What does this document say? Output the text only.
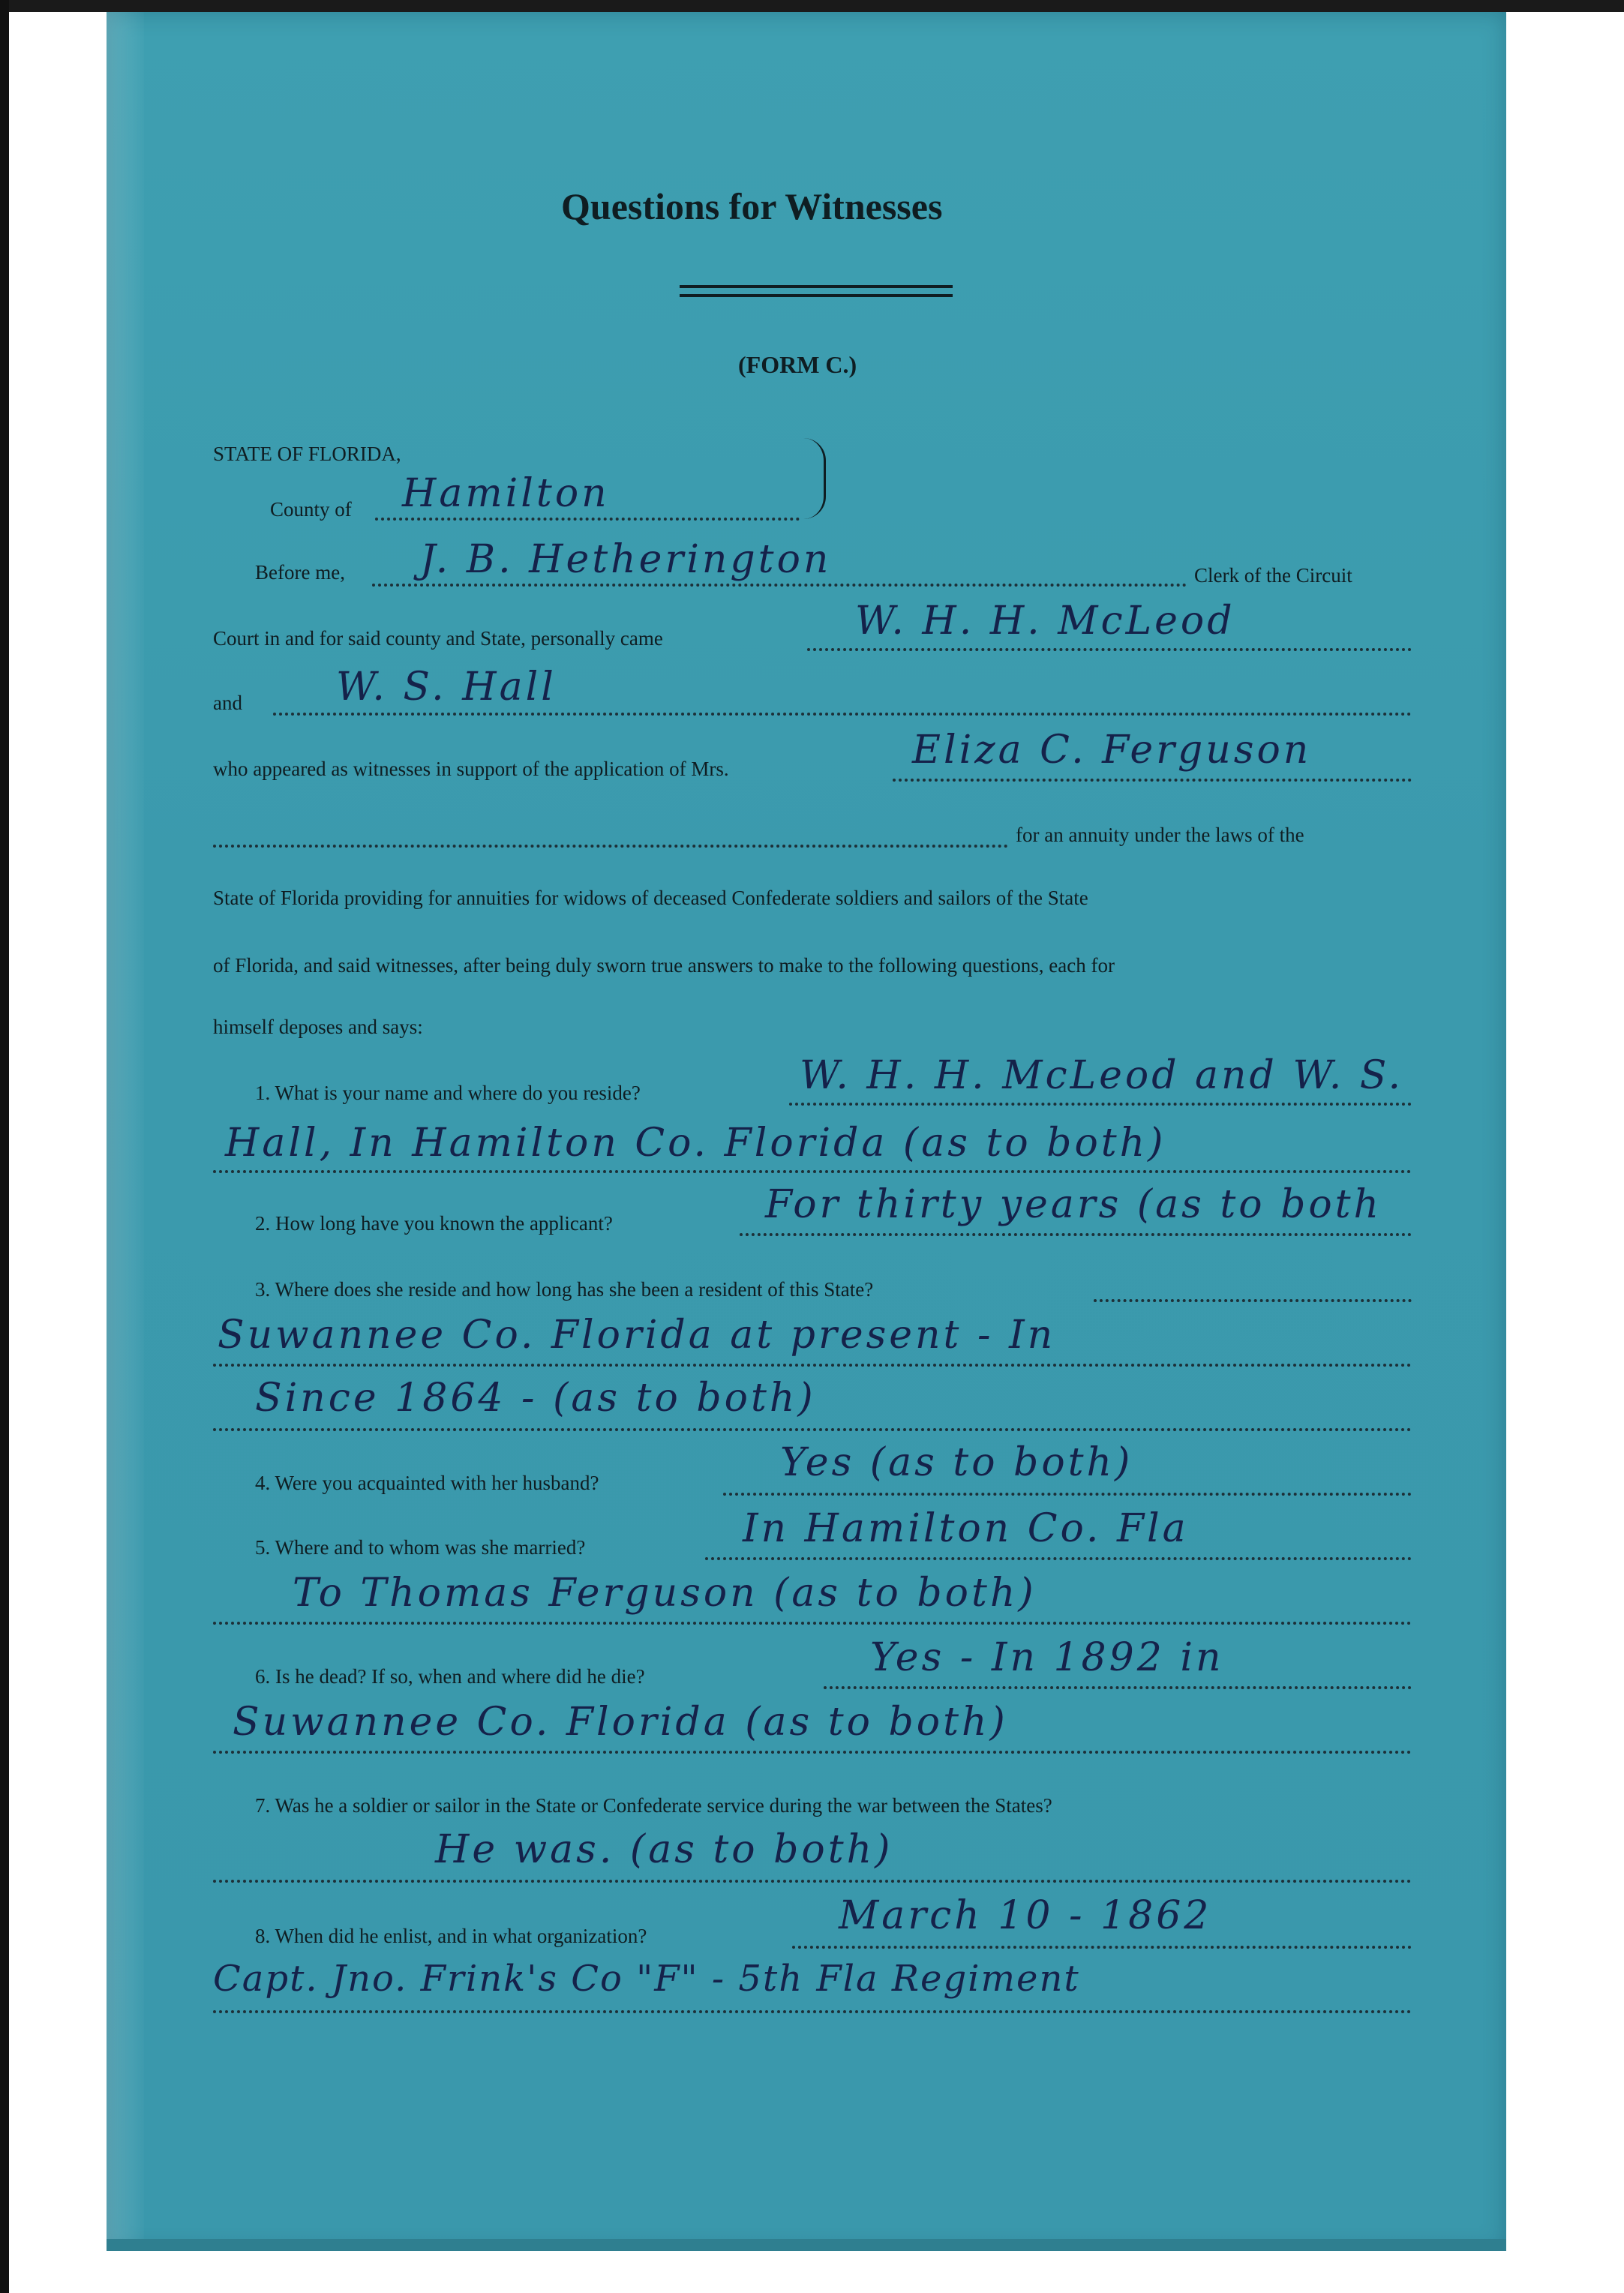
Questions for Witnesses
(FORM C.)
STATE OF FLORIDA,
County of Hamilton
Before me, J. B. Hetherington	Clerk of the Circuit
Court in and for said county and State, personally came	W. H. H. McLeod
and W. S. Hall
who appeared as witnesses in support of the application of Mrs.	Eliza C. Ferguson
for an annuity under the laws of the
State of Florida providing for annuities for widows of deceased Confederate soldiers and sailors of the State
of Florida, and said witnesses, after being duly sworn true answers to make to the following questions, each for
himself deposes and says:
1. What is your name and where do you reside?	W. H. H. McLeod and W. S.
Hall, In Hamilton Co. Florida (as to both)
2. How long have you known the applicant?	For thirty years (as to both
3. Where does she reside and how long has she been a resident of this State?
Suwannee Co. Florida at present - In
Since 1864 - (as to both)
4. Were you acquainted with her husband?	Yes (as to both)
5. Where and to whom was she married?	In Hamilton Co. Fla
To Thomas Ferguson (as to both)
6. Is he dead? If so, when and where did he die?	Yes - In 1892 in
Suwannee Co. Florida (as to both)
7. Was he a soldier or sailor in the State or Confederate service during the war between the States?
He was. (as to both)
8. When did he enlist, and in what organization?	March 10 - 1862
Capt. Jno. Frink's Co "F" - 5th Fla Regiment
